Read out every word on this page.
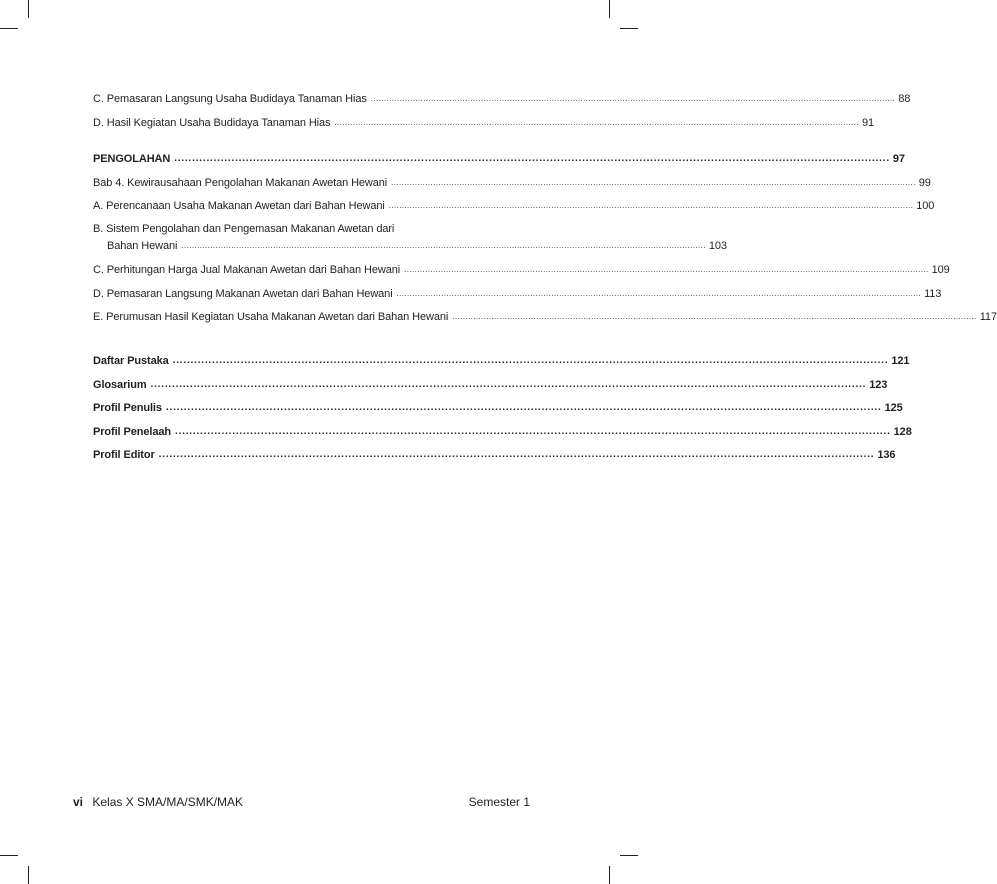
C. Pemasaran Langsung Usaha Budidaya Tanaman Hias ........................................................................................................................................................................................................ 88
D. Hasil Kegiatan Usaha Budidaya Tanaman Hias ........................................................................................................................................................................................................ 91
PENGOLAHAN ........................................................................................................................................................................................................ 97
Bab 4. Kewirausahaan Pengolahan Makanan Awetan Hewani ........................................................................................................................................................................................................ 99
A. Perencanaan Usaha Makanan Awetan dari Bahan Hewani ........................................................................................................................................................................................................ 100
B. Sistem Pengolahan dan Pengemasan Makanan Awetan dari
Bahan Hewani ........................................................................................................................................................................................................ 103
C. Perhitungan Harga Jual Makanan Awetan dari Bahan Hewani ........................................................................................................................................................................................................ 109
D. Pemasaran Langsung Makanan Awetan dari Bahan Hewani ........................................................................................................................................................................................................ 113
E. Perumusan Hasil Kegiatan Usaha Makanan Awetan dari Bahan Hewani ........................................................................................................................................................................................................ 117
Daftar Pustaka ........................................................................................................................................................................................................ 121
Glosarium ........................................................................................................................................................................................................ 123
Profil Penulis ........................................................................................................................................................................................................ 125
Profil Penelaah ........................................................................................................................................................................................................ 128
Profil Editor ........................................................................................................................................................................................................ 136
vi Kelas X SMA/MA/SMK/MAK	Semester 1
